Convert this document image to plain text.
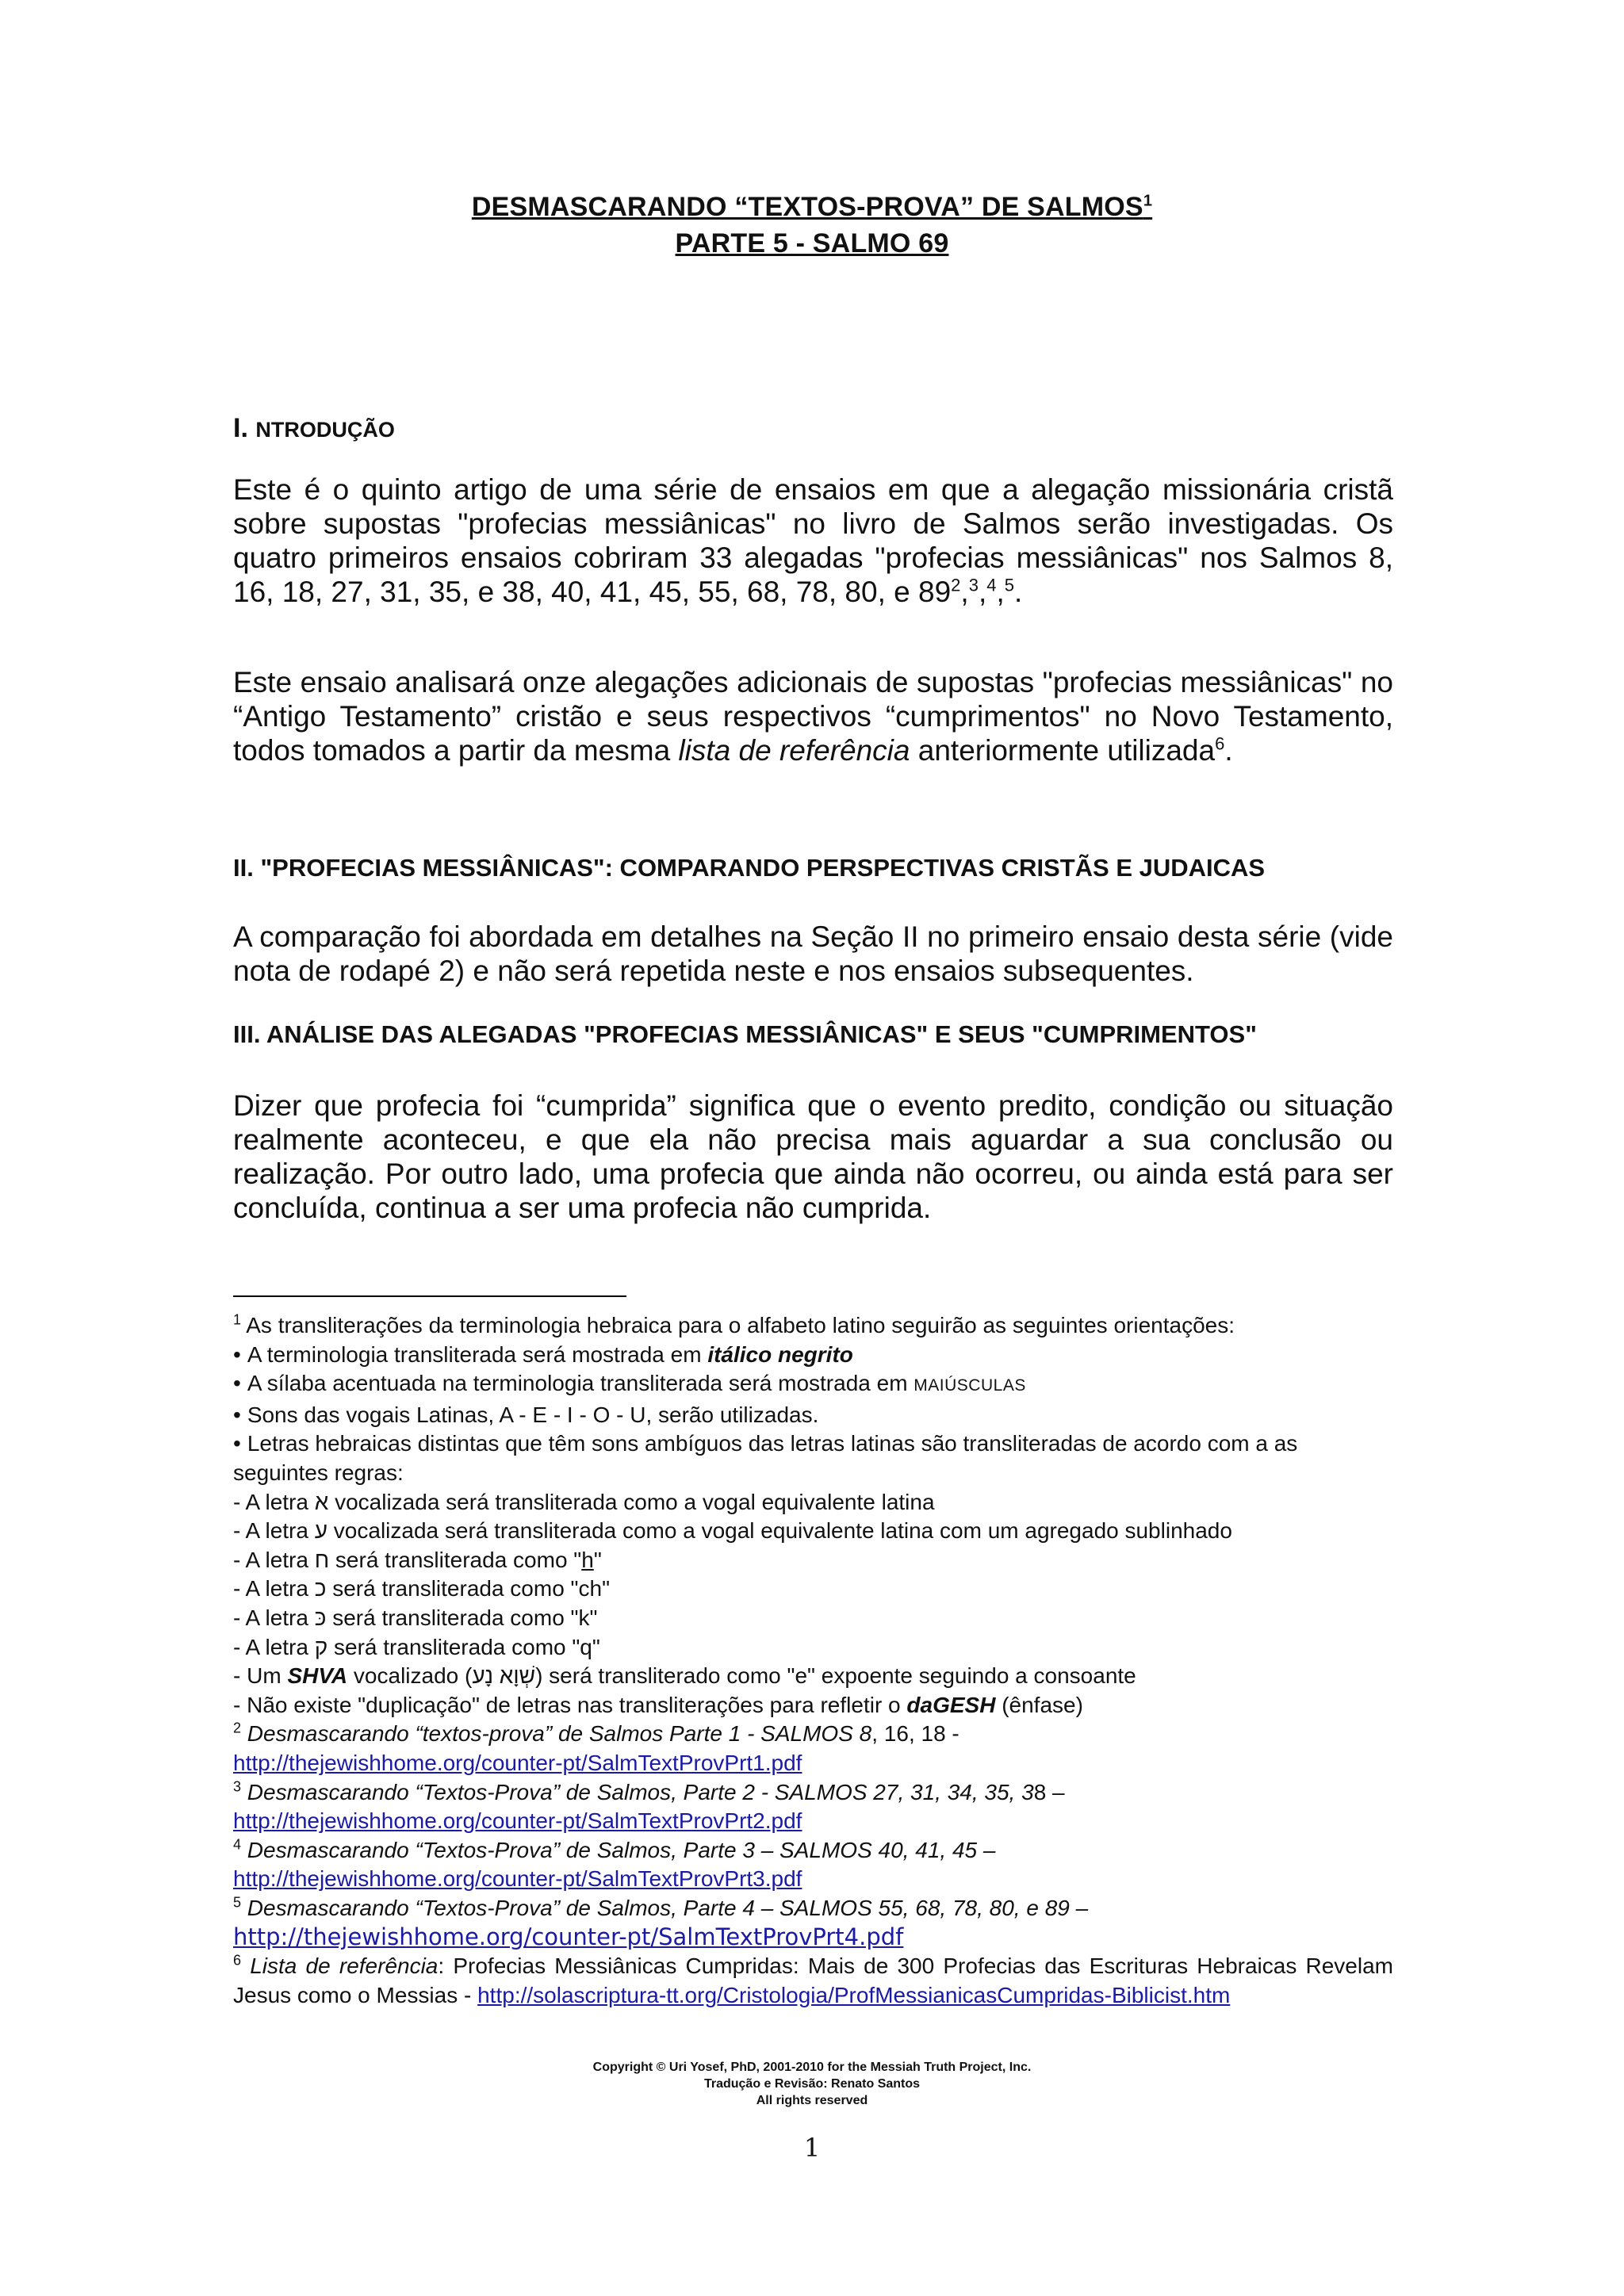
DESMASCARANDO “TEXTOS-PROVA” DE SALMOS$^1$
PARTE 5 - SALMO 69
I. NTRODUÇÃO
Este é o quinto artigo de uma série de ensaios em que a alegação missionária cristã sobre supostas "profecias messiânicas" no livro de Salmos serão investigadas. Os quatro primeiros ensaios cobriram 33 alegadas "profecias messiânicas" nos Salmos 8, 16, 18, 27, 31, 35, e 38, 40, 41, 45, 55, 68, 78, 80, e $89^2,^3,^4,^5$.
Este ensaio analisará onze alegações adicionais de supostas "profecias messiânicas" no “Antigo Testamento” cristão e seus respectivos “cumprimentos" no Novo Testamento, todos tomados a partir da mesma lista de referência anteriormente utilizada$^6$.
II. "PROFECIAS MESSIÂNICAS": COMPARANDO PERSPECTIVAS CRISTÃS E JUDAICAS
A comparação foi abordada em detalhes na Seção II no primeiro ensaio desta série (vide nota de rodapé 2) e não será repetida neste e nos ensaios subsequentes.
III. ANÁLISE DAS ALEGADAS "PROFECIAS MESSIÂNICAS" E SEUS "CUMPRIMENTOS"
Dizer que profecia foi “cumprida” significa que o evento predito, condição ou situação realmente aconteceu, e que ela não precisa mais aguardar a sua conclusão ou realização. Por outro lado, uma profecia que ainda não ocorreu, ou ainda está para ser concluída, continua a ser uma profecia não cumprida.

$^1$ As transliterações da terminologia hebraica para o alfabeto latino seguirão as seguintes orientações:

• A terminologia transliterada será mostrada em itálico negrito

• A sílaba acentuada na terminologia transliterada será mostrada em MAIÚSCULAS

• Sons das vogais Latinas, A - E - I - O - U, serão utilizadas.

• Letras hebraicas distintas que têm sons ambíguos das letras latinas são transliteradas de acordo com a as seguintes regras:

- A letra א vocalizada será transliterada como a vogal equivalente latina

- A letra ע vocalizada será transliterada como a vogal equivalente latina com um agregado sublinhado

- A letra ח será transliterada como "h"

- A letra כ será transliterada como "ch"

- A letra כּ será transliterada como "k"

- A letra ק será transliterada como "q"

- Um SHVA vocalizado (שְׁוָא נָע) será transliterado como "e" expoente seguindo a consoante

- Não existe "duplicação" de letras nas transliterações para refletir o daGESH (ênfase)

$^2$ Desmascarando “textos-prova” de Salmos Parte 1 - SALMOS 8, 16, 18 -

http://thejewishhome.org/counter-pt/SalmTextProvPrt1.pdf

$^3$ Desmascarando “Textos-Prova” de Salmos, Parte 2 - SALMOS 27, 31, 34, 35, 38 –

http://thejewishhome.org/counter-pt/SalmTextProvPrt2.pdf

$^4$ Desmascarando “Textos-Prova” de Salmos, Parte 3 – SALMOS 40, 41, 45 –

http://thejewishhome.org/counter-pt/SalmTextProvPrt3.pdf

$^5$ Desmascarando “Textos-Prova” de Salmos, Parte 4 – SALMOS 55, 68, 78, 80, e 89 –

http://thejewishhome.org/counter-pt/SalmTextProvPrt4.pdf

$^6$ Lista de referência: Profecias Messiânicas Cumpridas: Mais de 300 Profecias das Escrituras Hebraicas Revelam Jesus como o Messias - http://solascriptura-tt.org/Cristologia/ProfMessianicasCumpridas-Biblicist.htm

Copyright © Uri Yosef, PhD, 2001-2010 for the Messiah Truth Project, Inc.

Tradução e Revisão: Renato Santos

All rights reserved

1
